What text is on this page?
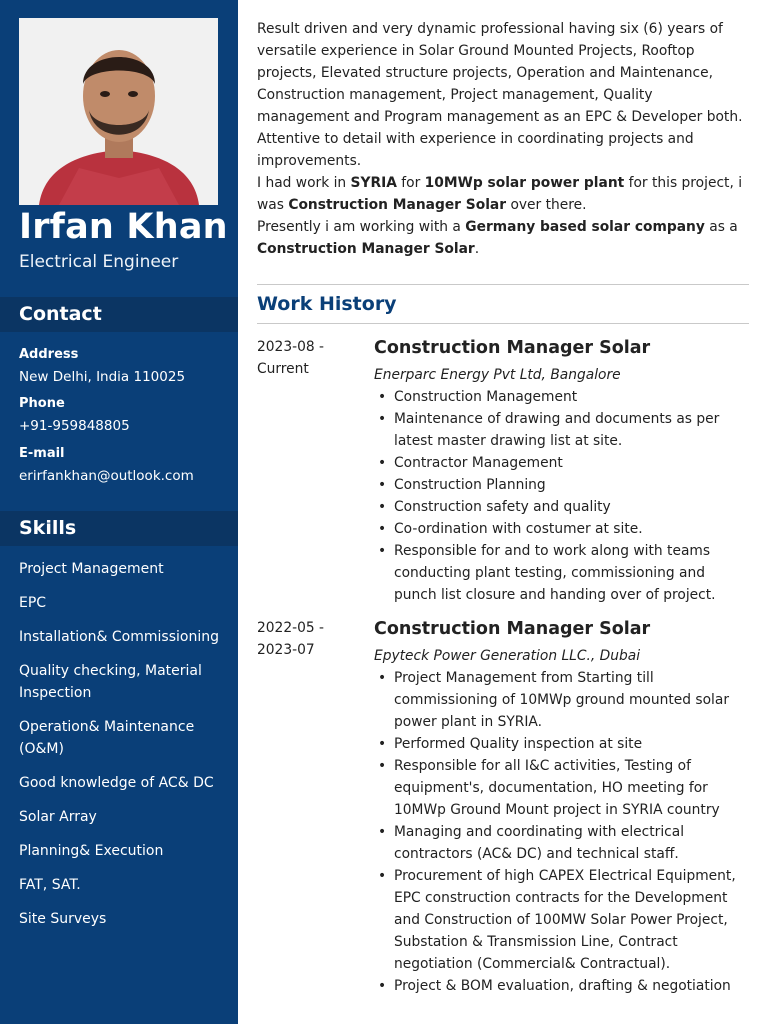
Irfan Khan
Electrical Engineer
Contact
Address
New Delhi, India 110025
Phone
+91-959848805
E-mail
erirfankhan@outlook.com
Skills
Project Management
EPC
Installation& Commissioning
Quality checking, Material Inspection
Operation& Maintenance (O&M)
Good knowledge of AC& DC
Solar Array
Planning& Execution
FAT, SAT.
Site Surveys

Result driven and very dynamic professional having six (6) years of versatile experience in Solar Ground Mounted Projects, Rooftop projects, Elevated structure projects, Operation and Maintenance, Construction management, Project management, Quality management and Program management as an EPC & Developer both. Attentive to detail with experience in coordinating projects and improvements.

I had work in SYRIA for 10MWp solar power plant for this project, i was Construction Manager Solar over there.

Presently i am working with a Germany based solar company as a Construction Manager Solar.

Work History
2023-08 -
Current
Construction Manager Solar
Enerparc Energy Pvt Ltd, Bangalore
• Construction Management
• Maintenance of drawing and documents as per latest master drawing list at site.
• Contractor Management
• Construction Planning
• Construction safety and quality
• Co-ordination with costumer at site.
• Responsible for and to work along with teams conducting plant testing, commissioning and punch list closure and handing over of project.
2022-05 -
2023-07
Construction Manager Solar
Epyteck Power Generation LLC., Dubai
• Project Management from Starting till commissioning of 10MWp ground mounted solar power plant in SYRIA.
• Performed Quality inspection at site
• Responsible for all I&C activities, Testing of equipment's, documentation, HO meeting for 10MWp Ground Mount project in SYRIA country
• Managing and coordinating with electrical contractors (AC& DC) and technical staff.
• Procurement of high CAPEX Electrical Equipment, EPC construction contracts for the Development and Construction of 100MW Solar Power Project, Substation & Transmission Line, Contract negotiation (Commercial& Contractual).
• Project & BOM evaluation, drafting & negotiation
